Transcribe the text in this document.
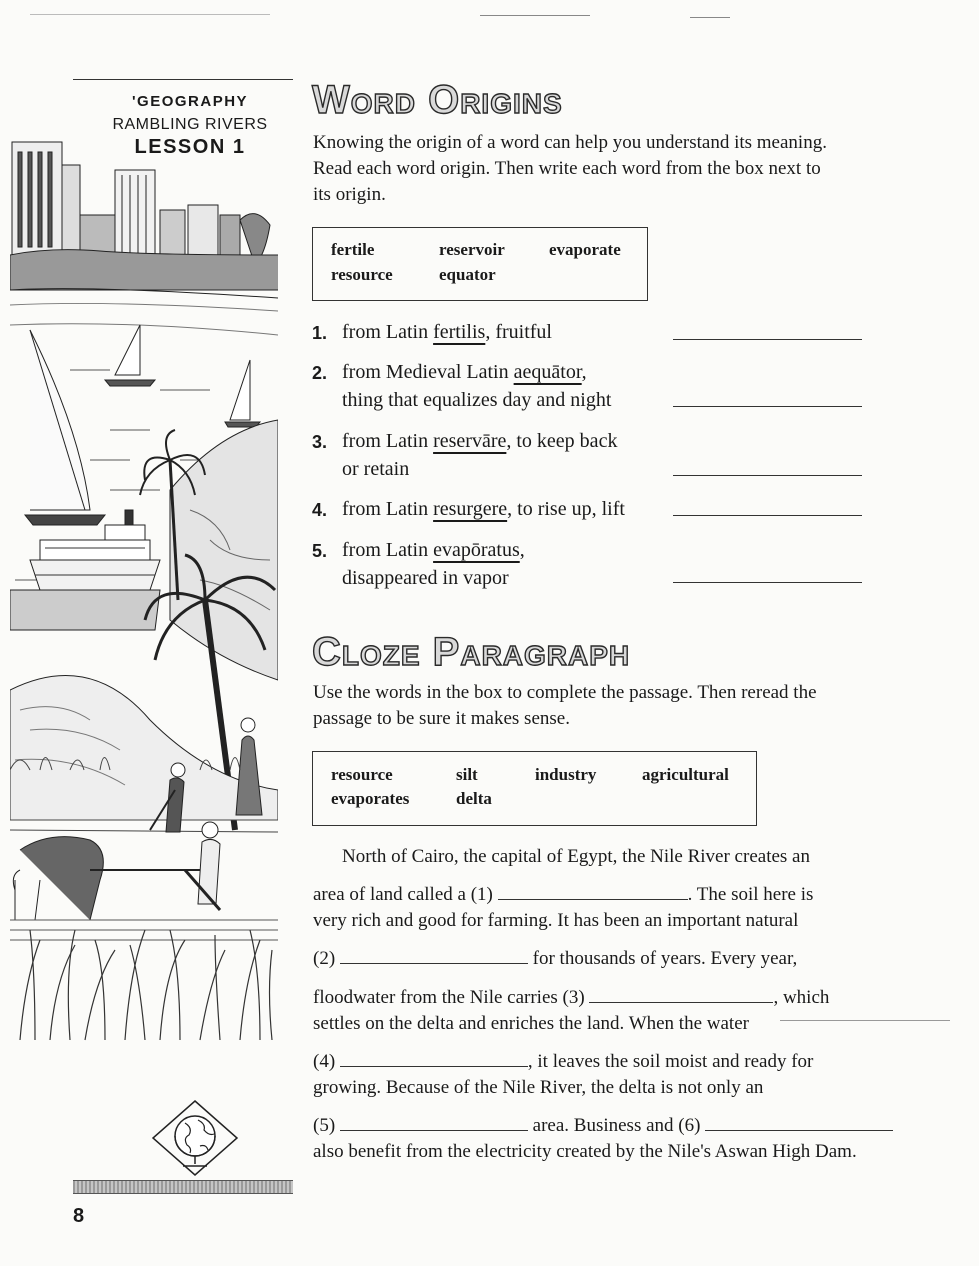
'GEOGRAPHY
RAMBLING RIVERS
LESSON 1
8
Word Origins
Knowing the origin of a word can help you understand its meaning.
Read each word origin. Then write each word from the box next to
its origin.
fertile	reservoir	evaporate
resource	equator
1. from Latin fertilis, fruitful
2. from Medieval Latin aequātor,
thing that equalizes day and night
3. from Latin reservāre, to keep back
or retain
4. from Latin resurgere, to rise up, lift
5. from Latin evapōratus,
disappeared in vapor
Cloze Paragraph
Use the words in the box to complete the passage. Then reread the
passage to be sure it makes sense.
resource	silt	industry	agricultural
evaporates	delta
North of Cairo, the capital of Egypt, the Nile River creates an
area of land called a (1)	. The soil here is
very rich and good for farming. It has been an important natural
(2)	for thousands of years. Every year,
floodwater from the Nile carries (3)	, which
settles on the delta and enriches the land. When the water
(4)	, it leaves the soil moist and ready for
growing. Because of the Nile River, the delta is not only an
(5)	area. Business and (6)
also benefit from the electricity created by the Nile's Aswan High Dam.
